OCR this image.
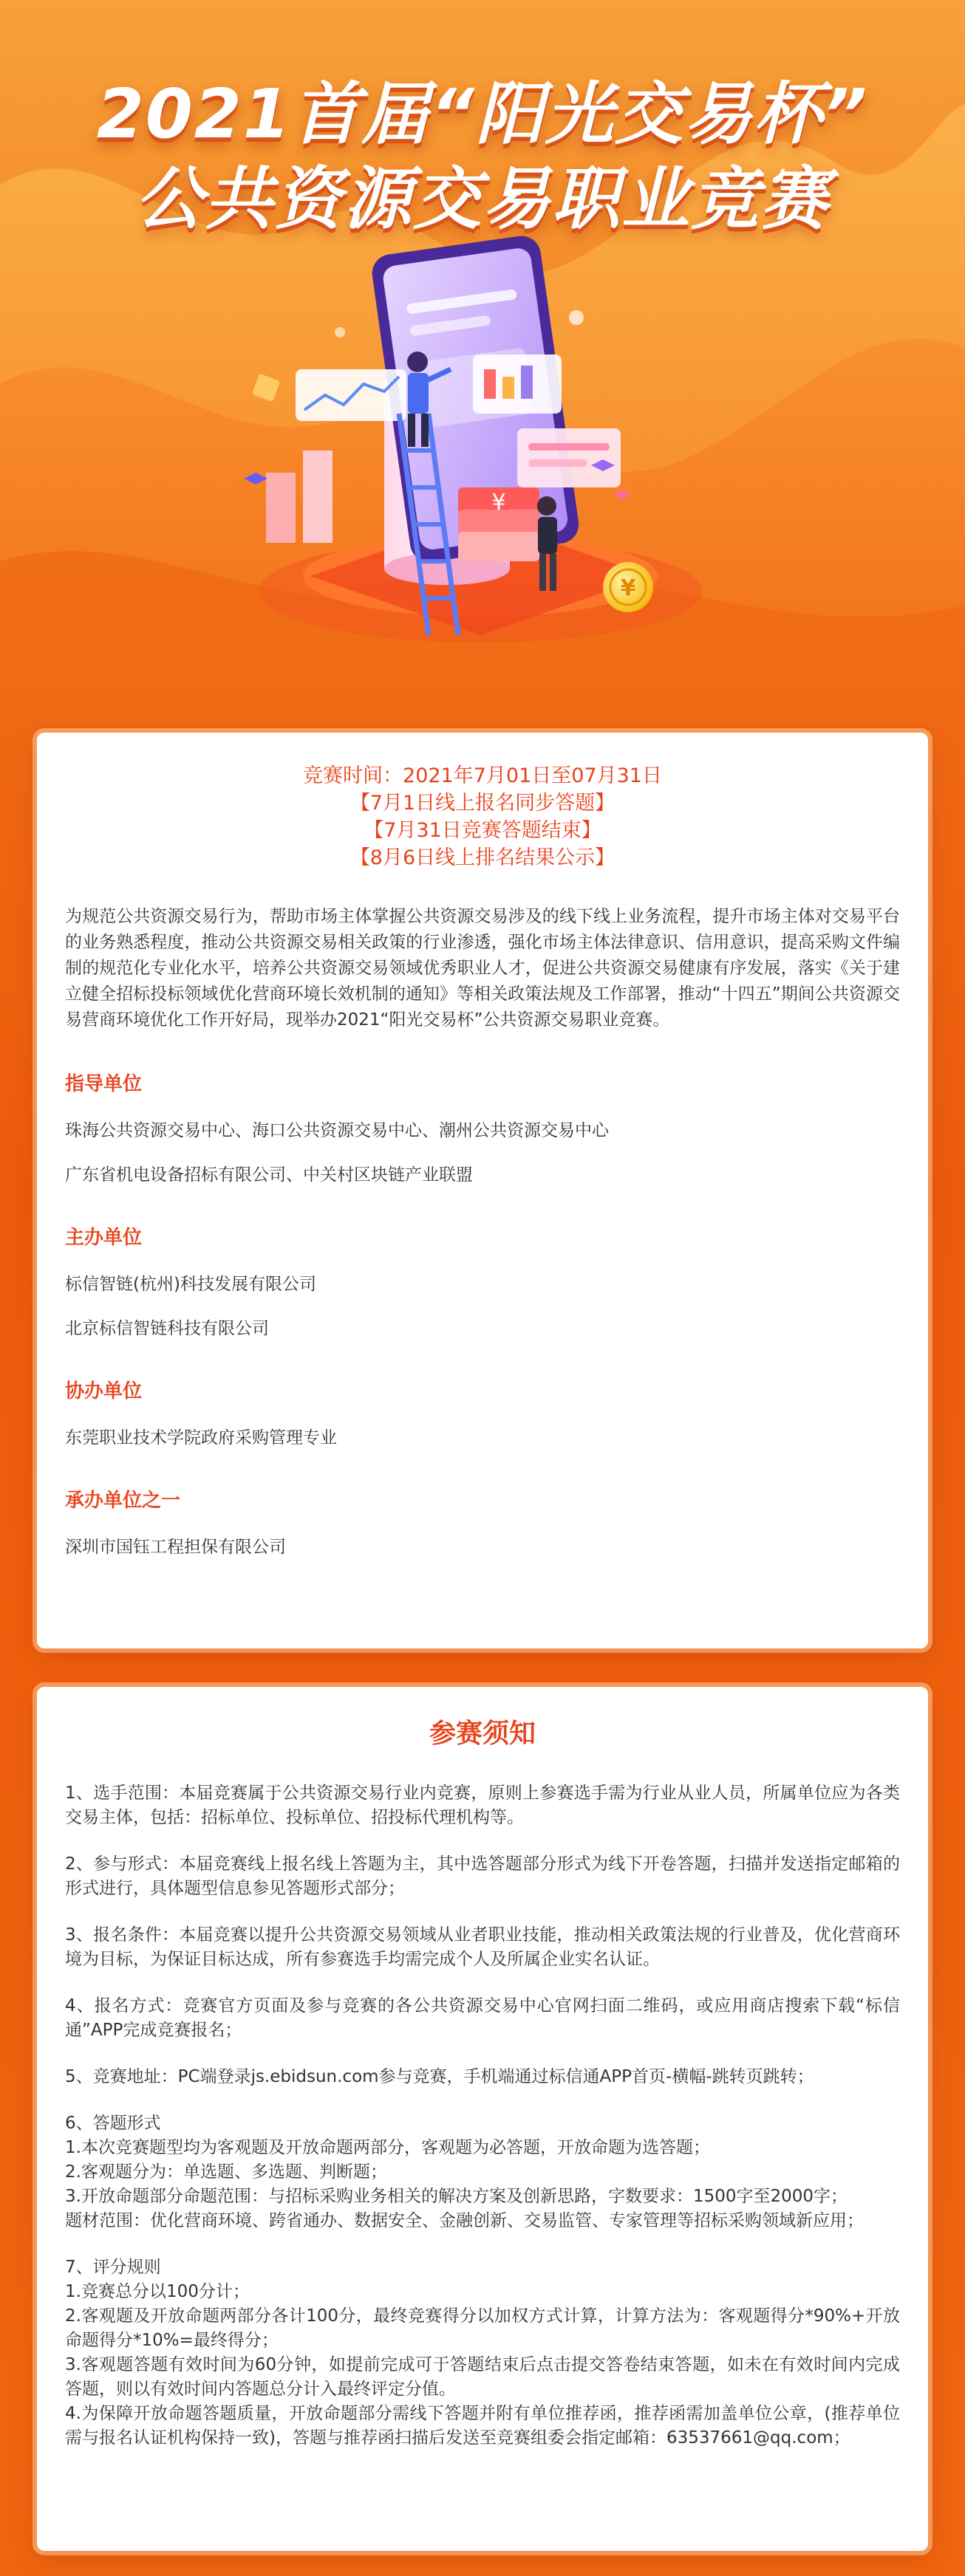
¥
¥
2021首届“阳光交易杯”
公共资源交易职业竞赛
竞赛时间：2021年7月01日至07月31日
【7月1日线上报名同步答题】
【7月31日竞赛答题结束】
【8月6日线上排名结果公示】
为规范公共资源交易行为，帮助市场主体掌握公共资源交易涉及的线下线上业务流程，提升市场主体对交易平台的业务熟悉程度，推动公共资源交易相关政策的行业渗透，强化市场主体法律意识、信用意识，提高采购文件编制的规范化专业化水平，培养公共资源交易领域优秀职业人才，促进公共资源交易健康有序发展，落实《关于建立健全招标投标领域优化营商环境长效机制的通知》等相关政策法规及工作部署，推动“十四五”期间公共资源交易营商环境优化工作开好局，现举办2021“阳光交易杯”公共资源交易职业竞赛。
指导单位
珠海公共资源交易中心、海口公共资源交易中心、潮州公共资源交易中心
广东省机电设备招标有限公司、中关村区块链产业联盟
主办单位
标信智链(杭州)科技发展有限公司
北京标信智链科技有限公司
协办单位
东莞职业技术学院政府采购管理专业
承办单位之一
深圳市国钰工程担保有限公司
参赛须知
1、选手范围：本届竞赛属于公共资源交易行业内竞赛，原则上参赛选手需为行业从业人员，所属单位应为各类交易主体，包括：招标单位、投标单位、招投标代理机构等。
2、参与形式：本届竞赛线上报名线上答题为主，其中选答题部分形式为线下开卷答题，扫描并发送指定邮箱的形式进行，具体题型信息参见答题形式部分；
3、报名条件：本届竞赛以提升公共资源交易领域从业者职业技能，推动相关政策法规的行业普及，优化营商环境为目标，为保证目标达成，所有参赛选手均需完成个人及所属企业实名认证。
4、报名方式：竞赛官方页面及参与竞赛的各公共资源交易中心官网扫面二维码，或应用商店搜索下载“标信通”APP完成竞赛报名；
5、竞赛地址：PC端登录js.ebidsun.com参与竞赛，手机端通过标信通APP首页-横幅-跳转页跳转；
6、答题形式
1.本次竞赛题型均为客观题及开放命题两部分，客观题为必答题，开放命题为选答题；
2.客观题分为：单选题、多选题、判断题；
3.开放命题部分命题范围：与招标采购业务相关的解决方案及创新思路，字数要求：1500字至2000字；
题材范围：优化营商环境、跨省通办、数据安全、金融创新、交易监管、专家管理等招标采购领域新应用；
7、评分规则
1.竞赛总分以100分计；
2.客观题及开放命题两部分各计100分，最终竞赛得分以加权方式计算，计算方法为：客观题得分*90%+开放命题得分*10%=最终得分；
3.客观题答题有效时间为60分钟，如提前完成可于答题结束后点击提交答卷结束答题，如未在有效时间内完成答题，则以有效时间内答题总分计入最终评定分值。
4.为保障开放命题答题质量，开放命题部分需线下答题并附有单位推荐函，推荐函需加盖单位公章，(推荐单位需与报名认证机构保持一致)，答题与推荐函扫描后发送至竞赛组委会指定邮箱：63537661@qq.com；
